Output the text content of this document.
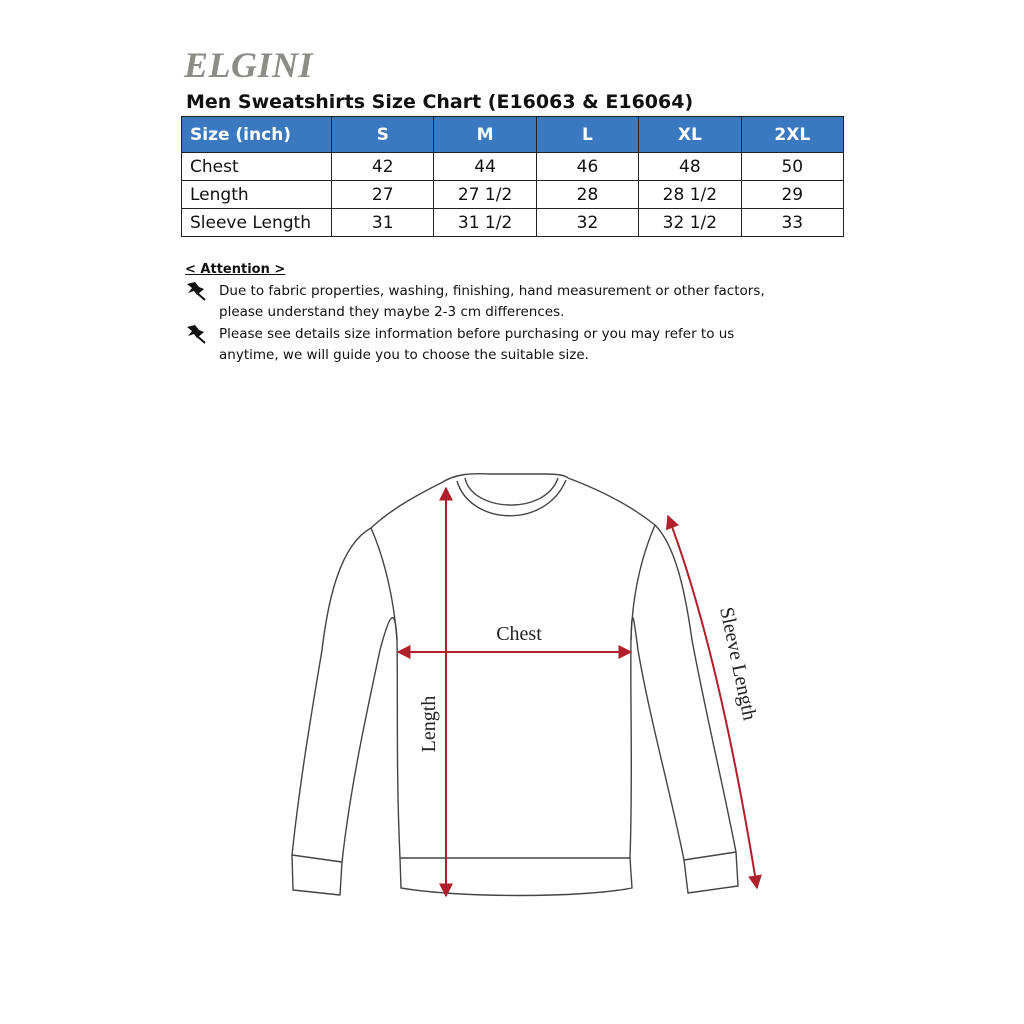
ELGINI
Men Sweatshirts Size Chart (E16063 & E16064)
Size (inch)	S	M	L	XL	2XL
Chest	42	44	46	48	50
Length	27	27 1/2	28	28 1/2	29
Sleeve Length	31	31 1/2	32	32 1/2	33
< Attention >
Due to fabric properties, washing, finishing, hand measurement or other factors, please understand they maybe 2-3 cm differences.
Please see details size information before purchasing or you may refer to us anytime, we will guide you to choose the suitable size.
Chest
Length
Sleeve Length
